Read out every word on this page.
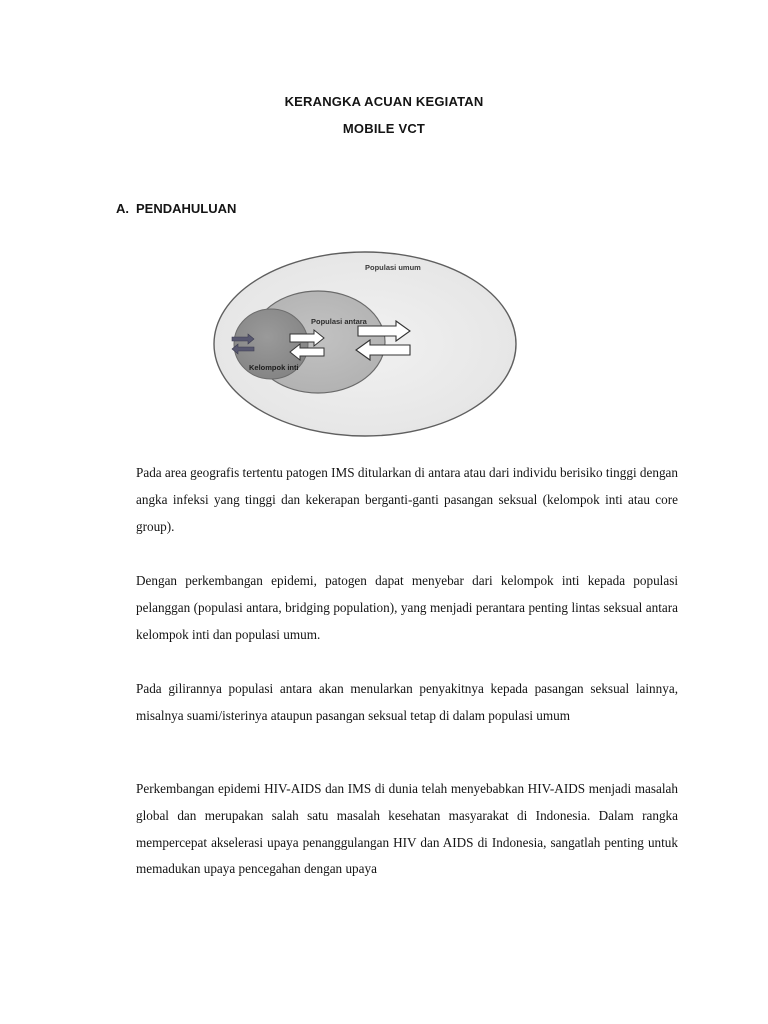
KERANGKA ACUAN KEGIATAN
MOBILE VCT
A. PENDAHULUAN
Populasi umum
Populasi antara
Kelompok inti

Pada area geografis tertentu patogen IMS ditularkan di antara atau dari individu berisiko tinggi dengan angka infeksi yang tinggi dan kekerapan berganti-ganti pasangan seksual (kelompok inti atau core group).

Dengan perkembangan epidemi, patogen dapat menyebar dari kelompok inti kepada populasi pelanggan (populasi antara, bridging population), yang menjadi perantara penting lintas seksual antara kelompok inti dan populasi umum.

Pada gilirannya populasi antara akan menularkan penyakitnya kepada pasangan seksual lainnya, misalnya suami/isterinya ataupun pasangan seksual tetap di dalam populasi umum

Perkembangan epidemi HIV-AIDS dan IMS di dunia telah menyebabkan HIV-AIDS menjadi masalah global dan merupakan salah satu masalah kesehatan masyarakat di Indonesia. Dalam rangka mempercepat akselerasi upaya penanggulangan HIV dan AIDS di Indonesia, sangatlah penting untuk memadukan upaya pencegahan dengan upaya
